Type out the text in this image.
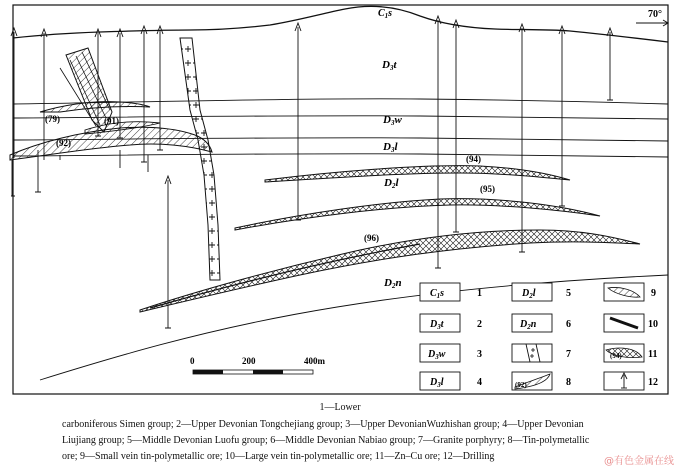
70°
$C_1s$
D3t
D3w
D3l
D2l
D2n
(79)	(91)
(92)
(94)
(95)
(96)
0	200	400m
$C_1s$	1
$D_3t$	2
$D_3w$	3
$D_3l$	4
$D_2l$	5
$D_2n$	6
7
(92)	8
9
10
(94)	11
12
1—Lower
carboniferous Simen group; 2—Upper Devonian Tongchejiang group; 3—Upper DevonianWuzhishan group; 4—Upper Devonian
Liujiang group; 5—Middle Devonian Luofu group; 6—Middle Devonian Nabiao group; 7—Granite porphyry; 8—Tin-polymetallic
ore; 9—Small vein tin-polymetallic ore; 10—Large vein tin-polymetallic ore; 11—Zn–Cu ore; 12—Drilling	@有色金属在线
